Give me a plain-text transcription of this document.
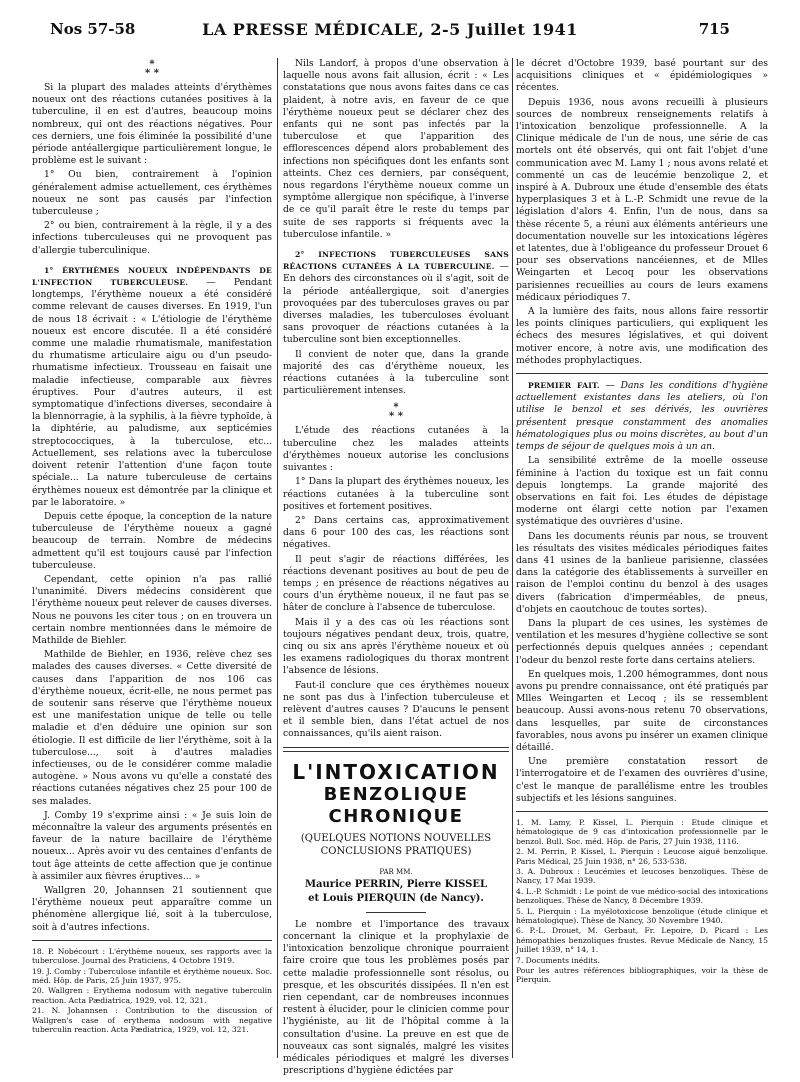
Nos 57-58	LA PRESSE MÉDICALE, 2-5 Juillet 1941	715
*
* *

Si la plupart des malades atteints d'érythèmes noueux ont des réactions cutanées positives à la tuberculine, il en est d'autres, beaucoup moins nombreux, qui ont des réactions négatives. Pour ces derniers, une fois éliminée la possibilité d'une période antéallergique particulièrement longue, le problème est le suivant :

1° Ou bien, contrairement à l'opinion généralement admise actuellement, ces érythèmes noueux ne sont pas causés par l'infection tuberculeuse ;

2° ou bien, contrairement à la règle, il y a des infections tuberculeuses qui ne provoquent pas d'allergie tuberculinique.

1° ÉRYTHÈMES NOUEUX INDÉPENDANTS DE L'INFECTION TUBERCULEUSE. — Pendant longtemps, l'érythème noueux a été considéré comme relevant de causes diverses. En 1919, l'un de nous 18 écrivait : « L'étiologie de l'érythème noueux est encore discutée. Il a été considéré comme une maladie rhumatismale, manifestation du rhumatisme articulaire aigu ou d'un pseudo-rhumatisme infectieux. Trousseau en faisait une maladie infectieuse, comparable aux fièvres éruptives. Pour d'autres auteurs, il est symptomatique d'infections diverses, secondaire à la blennorragie, à la syphilis, à la fièvre typhoïde, à la diphtérie, au paludisme, aux septicémies streptococciques, à la tuberculose, etc... Actuellement, ses relations avec la tuberculose doivent retenir l'attention d'une façon toute spéciale... La nature tuberculeuse de certains érythèmes noueux est démontrée par la clinique et par le laboratoire. »

Depuis cette époque, la conception de la nature tuberculeuse de l'érythème noueux a gagné beaucoup de terrain. Nombre de médecins admettent qu'il est toujours causé par l'infection tuberculeuse.

Cependant, cette opinion n'a pas rallié l'unanimité. Divers médecins considèrent que l'érythème noueux peut relever de causes diverses. Nous ne pouvons les citer tous ; on en trouvera un certain nombre mentionnées dans le mémoire de Mathilde de Biehler.

Mathilde de Biehler, en 1936, relève chez ses malades des causes diverses. « Cette diversité de causes dans l'apparition de nos 106 cas d'érythème noueux, écrit-elle, ne nous permet pas de soutenir sans réserve que l'érythème noueux est une manifestation unique de telle ou telle maladie et d'en déduire une opinion sur son étiologie. Il est difficile de lier l'érythème, soit à la tuberculose..., soit à d'autres maladies infectieuses, ou de le considérer comme maladie autogène. » Nous avons vu qu'elle a constaté des réactions cutanées négatives chez 25 pour 100 de ses malades.

J. Comby 19 s'exprime ainsi : « Je suis loin de méconnaître la valeur des arguments présentés en faveur de la nature bacillaire de l'érythème noueux... Après avoir vu des centaines d'enfants de tout âge atteints de cette affection que je continue à assimiler aux fièvres éruptives... »

Wallgren 20, Johannsen 21 soutiennent que l'érythème noueux peut apparaître comme un phénomène allergique lié, soit à la tuberculose, soit à d'autres infections.

18. P. Nobécourt : L'érythème noueux, ses rapports avec la tuberculose. Journal des Praticiens, 4 Octobre 1919.

19. J. Comby : Tuberculose infantile et érythème noueux. Soc. méd. Hôp. de Paris, 25 Juin 1937, 975.

20. Wallgren : Erythema nodosum with negative tuberculin reaction. Acta Pædiatrica, 1929, vol. 12, 321.

21. N. Johannsen : Contribution to the discussion of Wallgren's case of erythema nodosum with negative tuberculin reaction. Acta Pædiatrica, 1929, vol. 12, 321.

Nils Landorf, à propos d'une observation à laquelle nous avons fait allusion, écrit : « Les constatations que nous avons faites dans ce cas plaident, à notre avis, en faveur de ce que l'érythème noueux peut se déclarer chez des enfants qui ne sont pas infectés par la tuberculose et que l'apparition des efflorescences dépend alors probablement des infections non spécifiques dont les enfants sont atteints. Chez ces derniers, par conséquent, nous regardons l'érythème noueux comme un symptôme allergique non spécifique, à l'inverse de ce qu'il paraît être le reste du temps par suite de ses rapports si fréquents avec la tuberculose infantile. »

2° INFECTIONS TUBERCULEUSES SANS RÉACTIONS CUTANÉES À LA TUBERCULINE. — En dehors des circonstances où il s'agit, soit de la période antéallergique, soit d'anergies provoquées par des tuberculoses graves ou par diverses maladies, les tuberculoses évoluant sans provoquer de réactions cutanées à la tuberculine sont bien exceptionnelles.

Il convient de noter que, dans la grande majorité des cas d'érythème noueux, les réactions cutanées à la tuberculine sont particulièrement intenses.

*
* *

L'étude des réactions cutanées à la tuberculine chez les malades atteints d'érythèmes noueux autorise les conclusions suivantes :

1° Dans la plupart des érythèmes noueux, les réactions cutanées à la tuberculine sont positives et fortement positives.

2° Dans certains cas, approximativement dans 6 pour 100 des cas, les réactions sont négatives.

Il peut s'agir de réactions différées, les réactions devenant positives au bout de peu de temps ; en présence de réactions négatives au cours d'un érythème noueux, il ne faut pas se hâter de conclure à l'absence de tuberculose.

Mais il y a des cas où les réactions sont toujours négatives pendant deux, trois, quatre, cinq ou six ans après l'érythème noueux et où les examens radiologiques du thorax montrent l'absence de lésions.

Faut-il conclure que ces érythèmes noueux ne sont pas dus à l'infection tuberculeuse et relèvent d'autres causes ? D'aucuns le pensent et il semble bien, dans l'état actuel de nos connaissances, qu'ils aient raison.

L'INTOXICATION
BENZOLIQUE CHRONIQUE
(QUELQUES NOTIONS NOUVELLES CONCLUSIONS PRATIQUES)
PAR MM.
Maurice PERRIN, Pierre KISSEL
et Louis PIERQUIN (de Nancy).

Le nombre et l'importance des travaux concernant la clinique et la prophylaxie de l'intoxication benzolique chronique pourraient faire croire que tous les problèmes posés par cette maladie professionnelle sont résolus, ou presque, et les obscurités dissipées. Il n'en est rien cependant, car de nombreuses inconnues restent à élucider, pour le clinicien comme pour l'hygiéniste, au lit de l'hôpital comme à la consultation d'usine. La preuve en est que de nouveaux cas sont signalés, malgré les visites médicales périodiques et malgré les diverses prescriptions d'hygiène édictées par

le décret d'Octobre 1939, basé pourtant sur des acquisitions cliniques et « épidémiologiques » récentes.

Depuis 1936, nous avons recueilli à plusieurs sources de nombreux renseignements relatifs à l'intoxication benzolique professionnelle. A la Clinique médicale de l'un de nous, une série de cas mortels ont été observés, qui ont fait l'objet d'une communication avec M. Lamy 1 ; nous avons relaté et commenté un cas de leucémie benzolique 2, et inspiré à A. Dubroux une étude d'ensemble des états hyperplasiques 3 et à L.-P. Schmidt une revue de la législation d'alors 4. Enfin, l'un de nous, dans sa thèse récente 5, a réuni aux éléments antérieurs une documentation nouvelle sur les intoxications légères et latentes, due à l'obligeance du professeur Drouet 6 pour ses observations nancéiennes, et de Mlles Weingarten et Lecoq pour les observations parisiennes recueillies au cours de leurs examens médicaux périodiques 7.

A la lumière des faits, nous allons faire ressortir les points cliniques particuliers, qui expliquent les échecs des mesures législatives, et qui doivent motiver encore, à notre avis, une modification des méthodes prophylactiques.

PREMIER FAIT. — Dans les conditions d'hygiène actuellement existantes dans les ateliers, où l'on utilise le benzol et ses dérivés, les ouvrières présentent presque constamment des anomalies hématologiques plus ou moins discrètes, au bout d'un temps de séjour de quelques mois à un an.

La sensibilité extrême de la moelle osseuse féminine à l'action du toxique est un fait connu depuis longtemps. La grande majorité des observations en fait foi. Les études de dépistage moderne ont élargi cette notion par l'examen systématique des ouvrières d'usine.

Dans les documents réunis par nous, se trouvent les résultats des visites médicales périodiques faites dans 41 usines de la banlieue parisienne, classées dans la catégorie des établissements à surveiller en raison de l'emploi continu du benzol à des usages divers (fabrication d'imperméables, de pneus, d'objets en caoutchouc de toutes sortes).

Dans la plupart de ces usines, les systèmes de ventilation et les mesures d'hygiène collective se sont perfectionnés depuis quelques années ; cependant l'odeur du benzol reste forte dans certains ateliers.

En quelques mois, 1.200 hémogrammes, dont nous avons pu prendre connaissance, ont été pratiqués par Mlles Weingarten et Lecoq ; ils se ressemblent beaucoup. Aussi avons-nous retenu 70 observations, dans lesquelles, par suite de circonstances favorables, nous avons pu insérer un examen clinique détaillé.

Une première constatation ressort de l'interrogatoire et de l'examen des ouvrières d'usine, c'est le manque de parallélisme entre les troubles subjectifs et les lésions sanguines.

1. M. Lamy, P. Kissel, L. Pierquin : Etude clinique et hématologique de 9 cas d'intoxication professionnelle par le benzol. Bull. Soc. méd. Hôp. de Paris, 27 Juin 1938, 1116.

2. M. Perrin, P. Kissel, L. Pierquin : Leucose aiguë benzolique. Paris Médical, 25 Juin 1938, n° 26, 533-538.

3. A. Dubroux : Leucémies et leucoses benzoliques. Thèse de Nancy, 17 Mai 1939.

4. L.-P. Schmidt : Le point de vue médico-social des intoxications benzoliques. Thèse de Nancy, 8 Décembre 1939.

5. L. Pierquin : La myélotoxicose benzolique (étude clinique et hématologique). Thèse de Nancy, 30 Novembre 1940.

6. P.-L. Drouet, M. Gerbaut, Fr. Lepoire, D. Picard : Les hémopathies benzoliques frustes. Revue Médicale de Nancy, 15 Juillet 1939, n° 14, 1.

7. Documents inédits.

Pour les autres références bibliographiques, voir la thèse de Pierquin.
